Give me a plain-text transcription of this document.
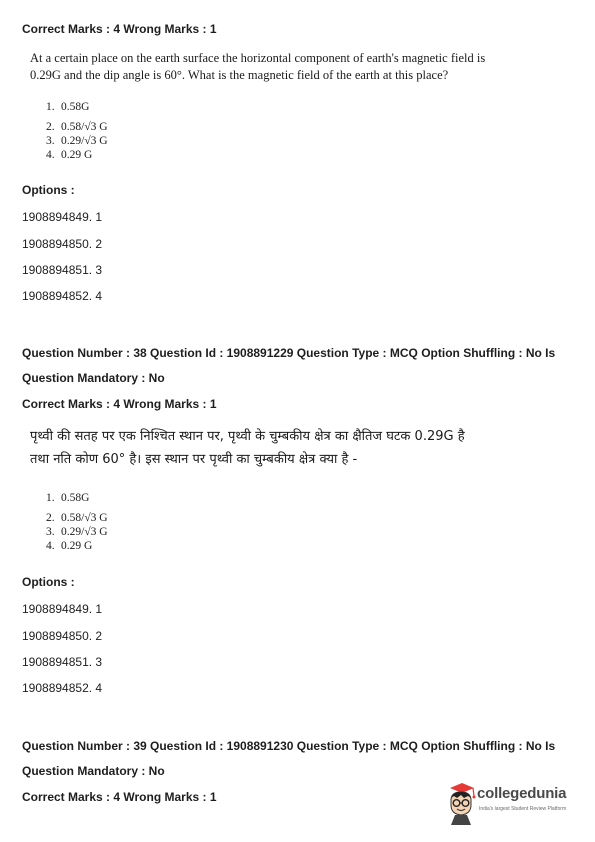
Correct Marks : 4 Wrong Marks : 1
At a certain place on the earth surface the horizontal component of earth's magnetic field is
0.29G and the dip angle is 60°. What is the magnetic field of the earth at this place?
1. 0.58G
2. 0.58/√3 G
3. 0.29/√3 G
4. 0.29 G
Options :
1908894849. 1
1908894850. 2
1908894851. 3
1908894852. 4
Question Number : 38 Question Id : 1908891229 Question Type : MCQ Option Shuffling : No Is
Question Mandatory : No
Correct Marks : 4 Wrong Marks : 1
पृथ्वी की सतह पर एक निश्चित स्थान पर, पृथ्वी के चुम्बकीय क्षेत्र का क्षैतिज घटक 0.29G है
तथा नति कोण 60° है। इस स्थान पर पृथ्वी का चुम्बकीय क्षेत्र क्या है -
1. 0.58G
2. 0.58/√3 G
3. 0.29/√3 G
4. 0.29 G
Options :
1908894849. 1
1908894850. 2
1908894851. 3
1908894852. 4
Question Number : 39 Question Id : 1908891230 Question Type : MCQ Option Shuffling : No Is
Question Mandatory : No
Correct Marks : 4 Wrong Marks : 1	collegedunia
India's largest Student Review Platform
